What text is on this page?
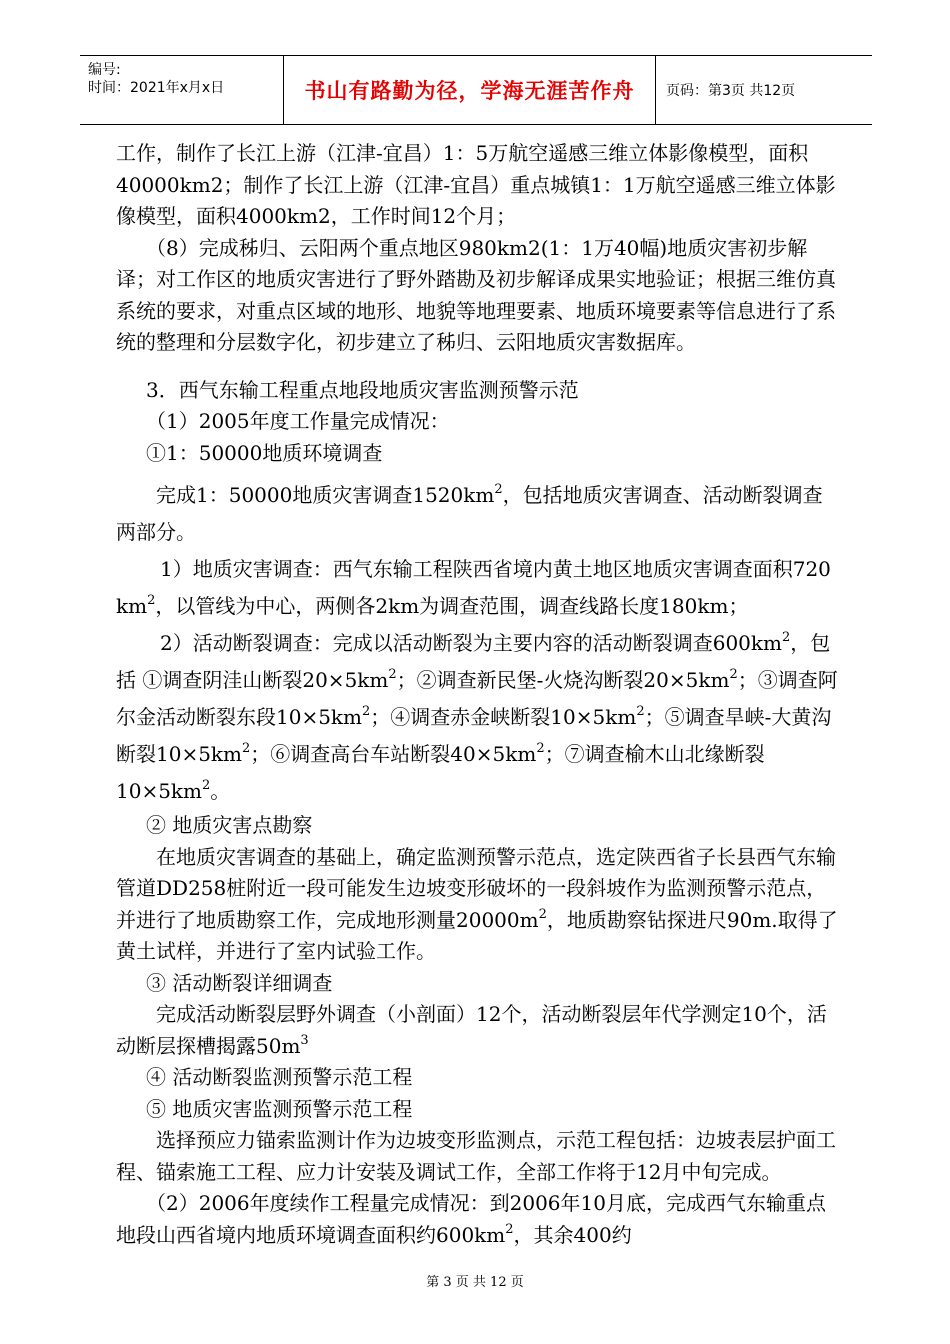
编号:
时间：2021年x月x日	书山有路勤为径，学海无涯苦作舟	页码：第3页 共12页

工作，制作了长江上游（江津-宜昌）1：5万航空遥感三维立体影像模型，面积40000km2；制作了长江上游（江津-宜昌）重点城镇1：1万航空遥感三维立体影像模型，面积4000km2，工作时间12个月；

（8）完成秭归、云阳两个重点地区980km2(1：1万40幅)地质灾害初步解译；对工作区的地质灾害进行了野外踏勘及初步解译成果实地验证；根据三维仿真系统的要求，对重点区域的地形、地貌等地理要素、地质环境要素等信息进行了系统的整理和分层数字化，初步建立了秭归、云阳地质灾害数据库。

3．西气东输工程重点地段地质灾害监测预警示范

（1）2005年度工作量完成情况：

①1：50000地质环境调查

完成1：50000地质灾害调查$1520km^2$，包括地质灾害调查、活动断裂调查两部分。

1）地质灾害调查：西气东输工程陕西省境内黄土地区地质灾害调查面积720 $km^2$，以管线为中心，两侧各2km为调查范围，调查线路长度180km；

2）活动断裂调查：完成以活动断裂为主要内容的活动断裂调查$600km^2$，包括 ①调查阴洼山断裂$20\times 5km^2$；②调查新民堡-火烧沟断裂$20\times 5km^2$；③调查阿尔金活动断裂东段$10\times 5km^2$；④调查赤金峡断裂$10\times 5km^2$；⑤调查旱峡-大黄沟断裂$10\times 5km^2$；⑥调查高台车站断裂$40\times 5km^2$；⑦调查榆木山北缘断裂$10\times 5km^2$。

② 地质灾害点勘察

在地质灾害调查的基础上，确定监测预警示范点，选定陕西省子长县西气东输管道DD258桩附近一段可能发生边坡变形破坏的一段斜坡作为监测预警示范点，并进行了地质勘察工作，完成地形测量$20000m^2$，地质勘察钻探进尺90m.取得了黄土试样，并进行了室内试验工作。

③ 活动断裂详细调查

完成活动断裂层野外调查（小剖面）12个，活动断裂层年代学测定10个，活动断层探槽揭露$50m^3$

④ 活动断裂监测预警示范工程

⑤ 地质灾害监测预警示范工程

选择预应力锚索监测计作为边坡变形监测点，示范工程包括：边坡表层护面工程、锚索施工工程、应力计安装及调试工作，全部工作将于12月中旬完成。

（2）2006年度续作工程量完成情况：到2006年10月底，完成西气东输重点地段山西省境内地质环境调查面积约$600km^2$，其余400约

第 3 页 共 12 页
